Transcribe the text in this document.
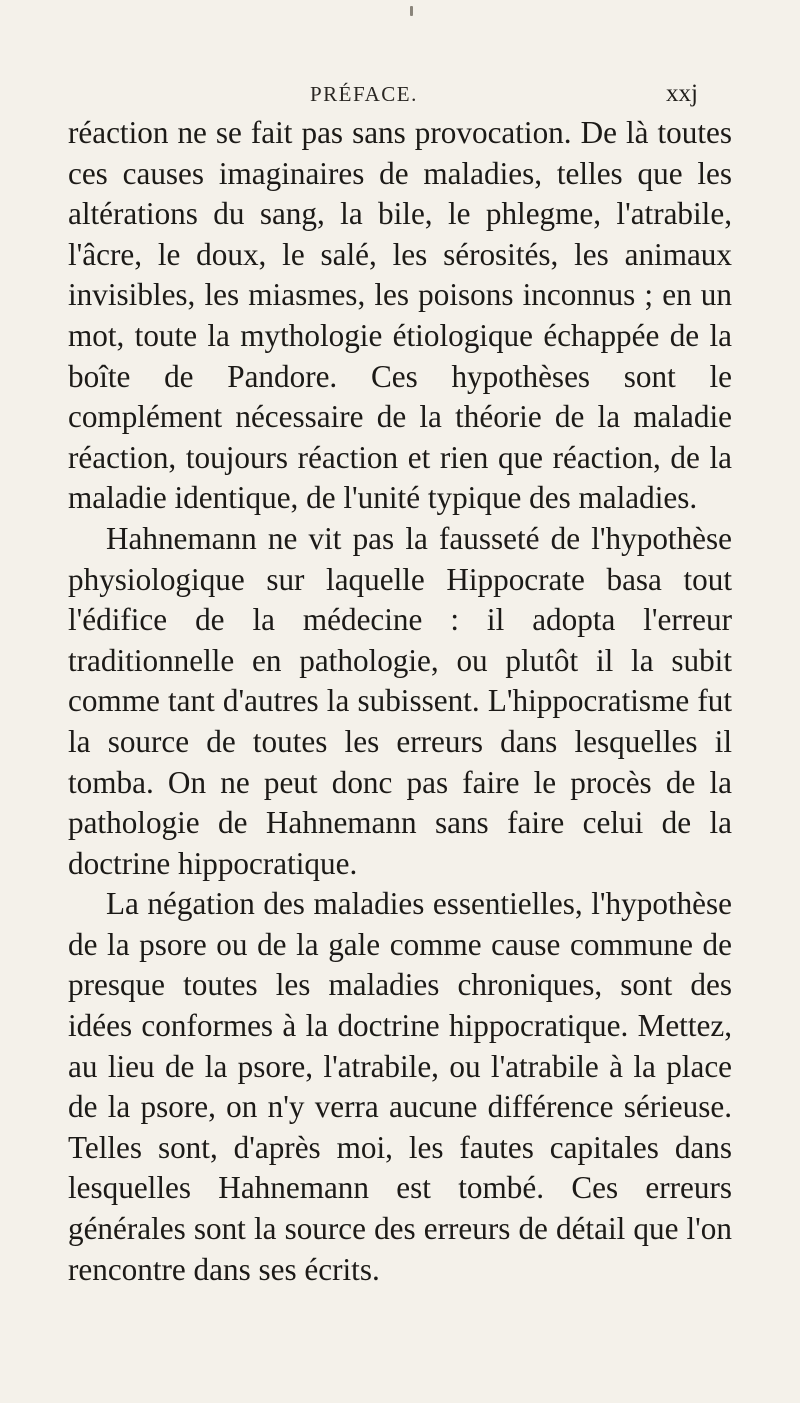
PRÉFACE.	xxj

réaction ne se fait pas sans provocation. De là toutes ces causes imaginaires de maladies, telles que les altérations du sang, la bile, le phlegme, l'atrabile, l'âcre, le doux, le salé, les sérosités, les animaux invisibles, les miasmes, les poisons inconnus ; en un mot, toute la mythologie étiologique échappée de la boîte de Pandore. Ces hypothèses sont le complément nécessaire de la théorie de la maladie réaction, toujours réaction et rien que réaction, de la maladie identique, de l'unité typique des maladies.

Hahnemann ne vit pas la fausseté de l'hypothèse physiologique sur laquelle Hippocrate basa tout l'édifice de la médecine : il adopta l'erreur traditionnelle en pathologie, ou plutôt il la subit comme tant d'autres la subissent. L'hippocratisme fut la source de toutes les erreurs dans lesquelles il tomba. On ne peut donc pas faire le procès de la pathologie de Hahnemann sans faire celui de la doctrine hippocratique.

La négation des maladies essentielles, l'hypothèse de la psore ou de la gale comme cause commune de presque toutes les maladies chroniques, sont des idées conformes à la doctrine hippocratique. Mettez, au lieu de la psore, l'atrabile, ou l'atrabile à la place de la psore, on n'y verra aucune différence sérieuse. Telles sont, d'après moi, les fautes capitales dans lesquelles Hahnemann est tombé. Ces erreurs générales sont la source des erreurs de détail que l'on rencontre dans ses écrits.
